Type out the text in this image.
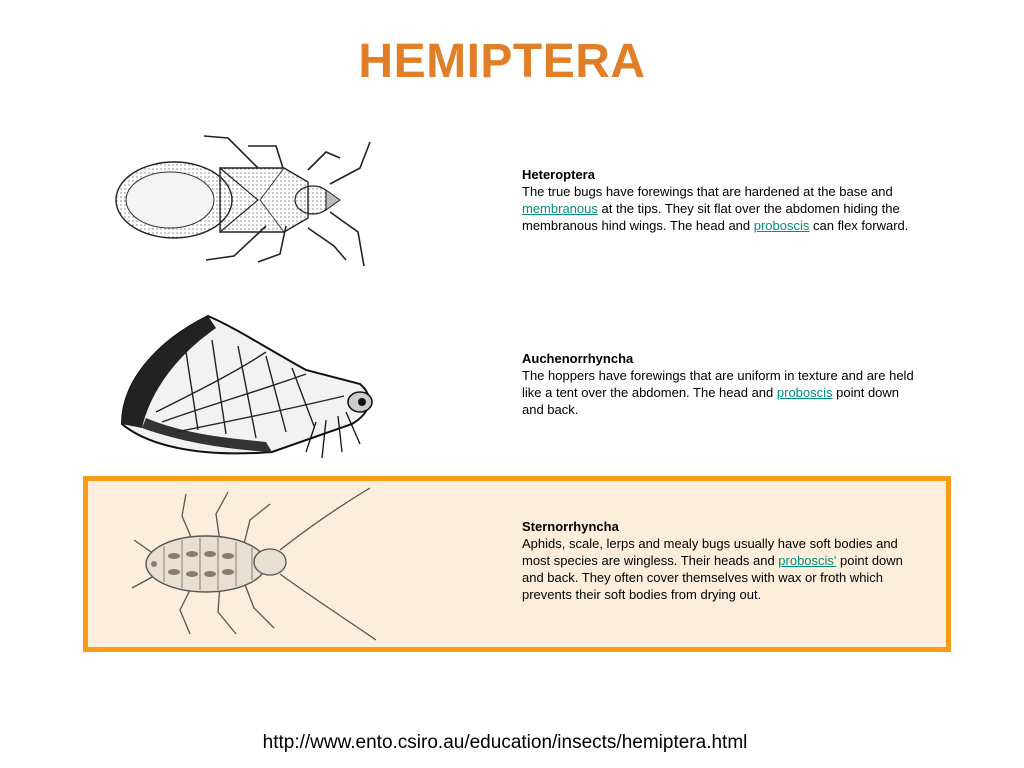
HEMIPTERA
Heteroptera
The true bugs have forewings that are hardened at the base and membranous at the tips. They sit flat over the abdomen hiding the membranous hind wings. The head and proboscis can flex forward.
Auchenorrhyncha
The hoppers have forewings that are uniform in texture and are held like a tent over the abdomen. The head and proboscis point down and back.
Sternorrhyncha
Aphids, scale, lerps and mealy bugs usually have soft bodies and most species are wingless. Their heads and proboscis' point down and back. They often cover themselves with wax or froth which prevents their soft bodies from drying out.
http://www.ento.csiro.au/education/insects/hemiptera.html
